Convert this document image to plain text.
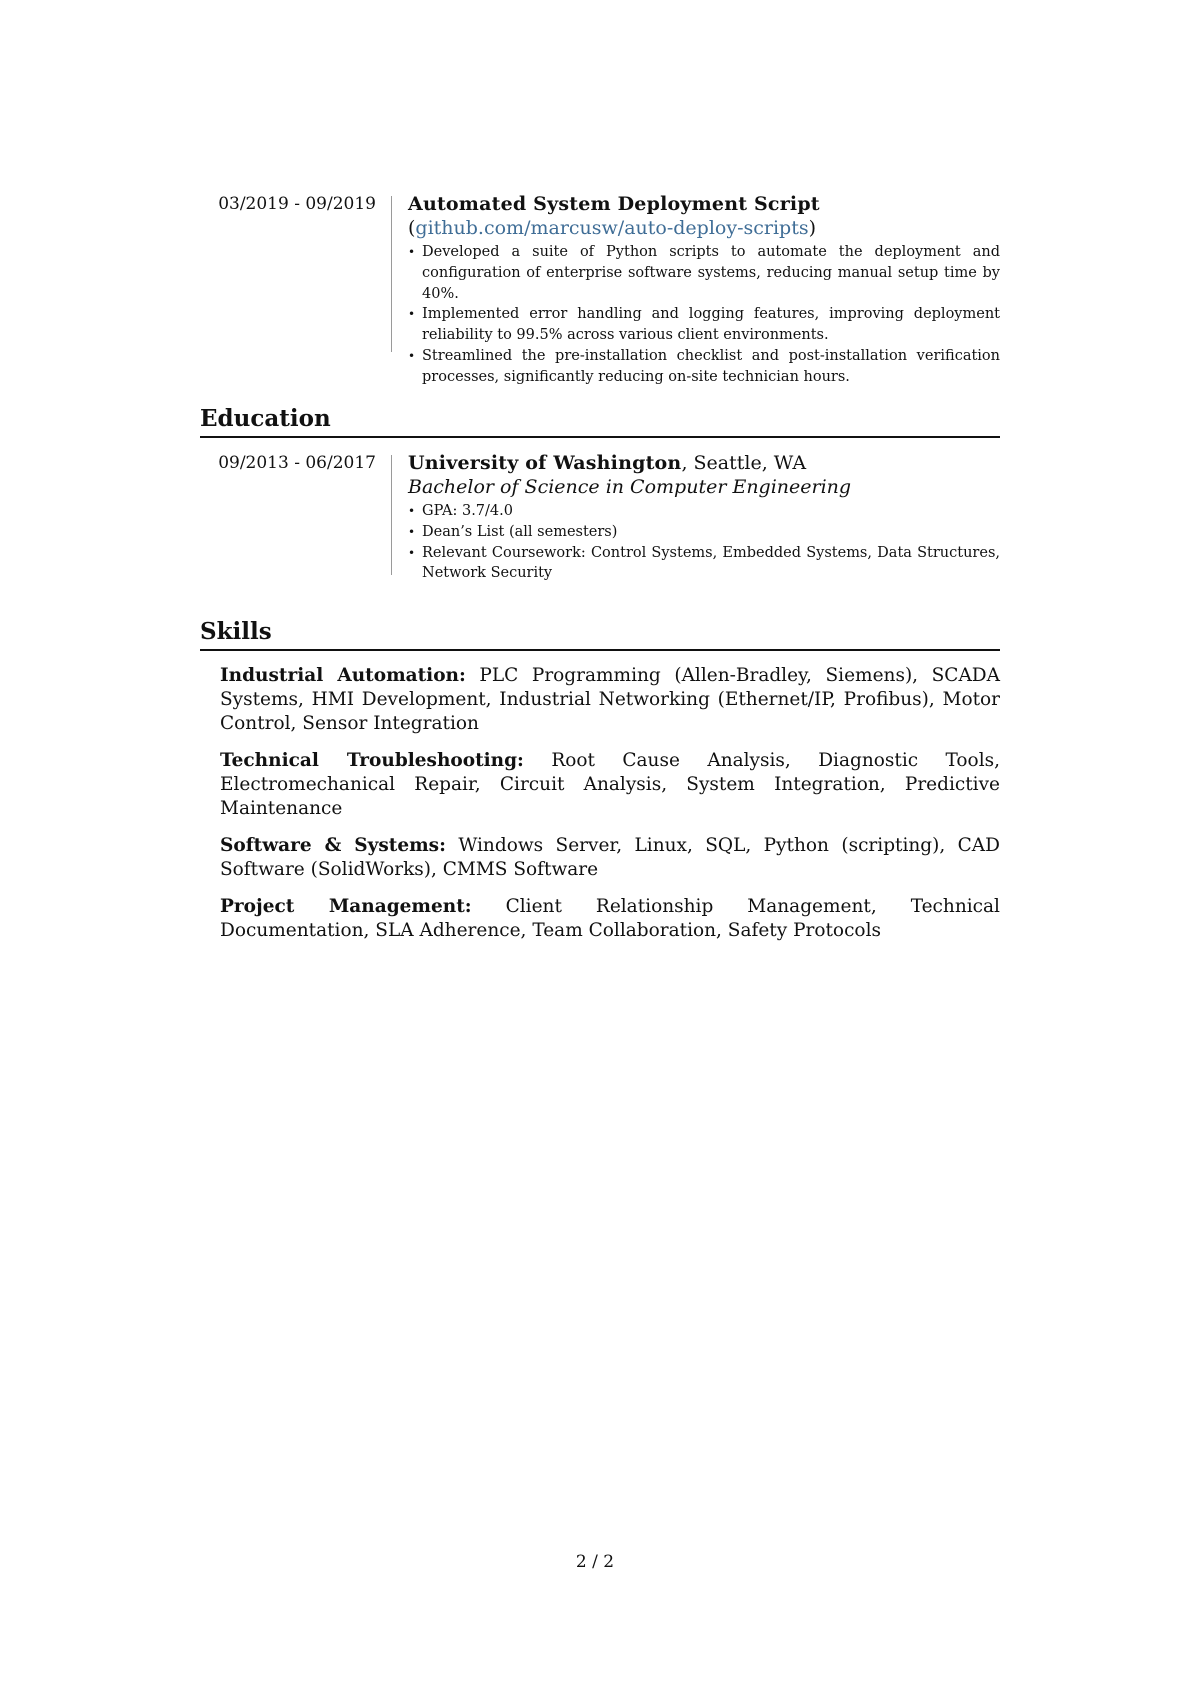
03/2019 - 09/2019 Automated System Deployment Script (github.com/marcusw/auto-deploy-scripts)

• Developed a suite of Python scripts to automate the deployment and configuration of enterprise software systems, reducing manual setup time by 40%.
• Implemented error handling and logging features, improving deployment reliability to 99.5% across various client environments.
• Streamlined the pre-installation checklist and post-installation verification processes, significantly reducing on-site technician hours.
Education
09/2013 - 06/2017 University of Washington, Seattle, WA

Bachelor of Science in Computer Engineering

• GPA: 3.7/4.0
• Dean’s List (all semesters)
• Relevant Coursework: Control Systems, Embedded Systems, Data Structures, Network Security
Skills

Industrial Automation: PLC Programming (Allen-Bradley, Siemens), SCADA Systems, HMI Development, Industrial Networking (Ethernet/IP, Profibus), Motor Control, Sensor Integration

Technical Troubleshooting: Root Cause Analysis, Diagnostic Tools, Electromechanical Repair, Circuit Analysis, System Integration, Predictive Maintenance

Software & Systems: Windows Server, Linux, SQL, Python (scripting), CAD Software (SolidWorks), CMMS Software

Project Management: Client Relationship Management, Technical Documentation, SLA Adherence, Team Collaboration, Safety Protocols

2 / 2
